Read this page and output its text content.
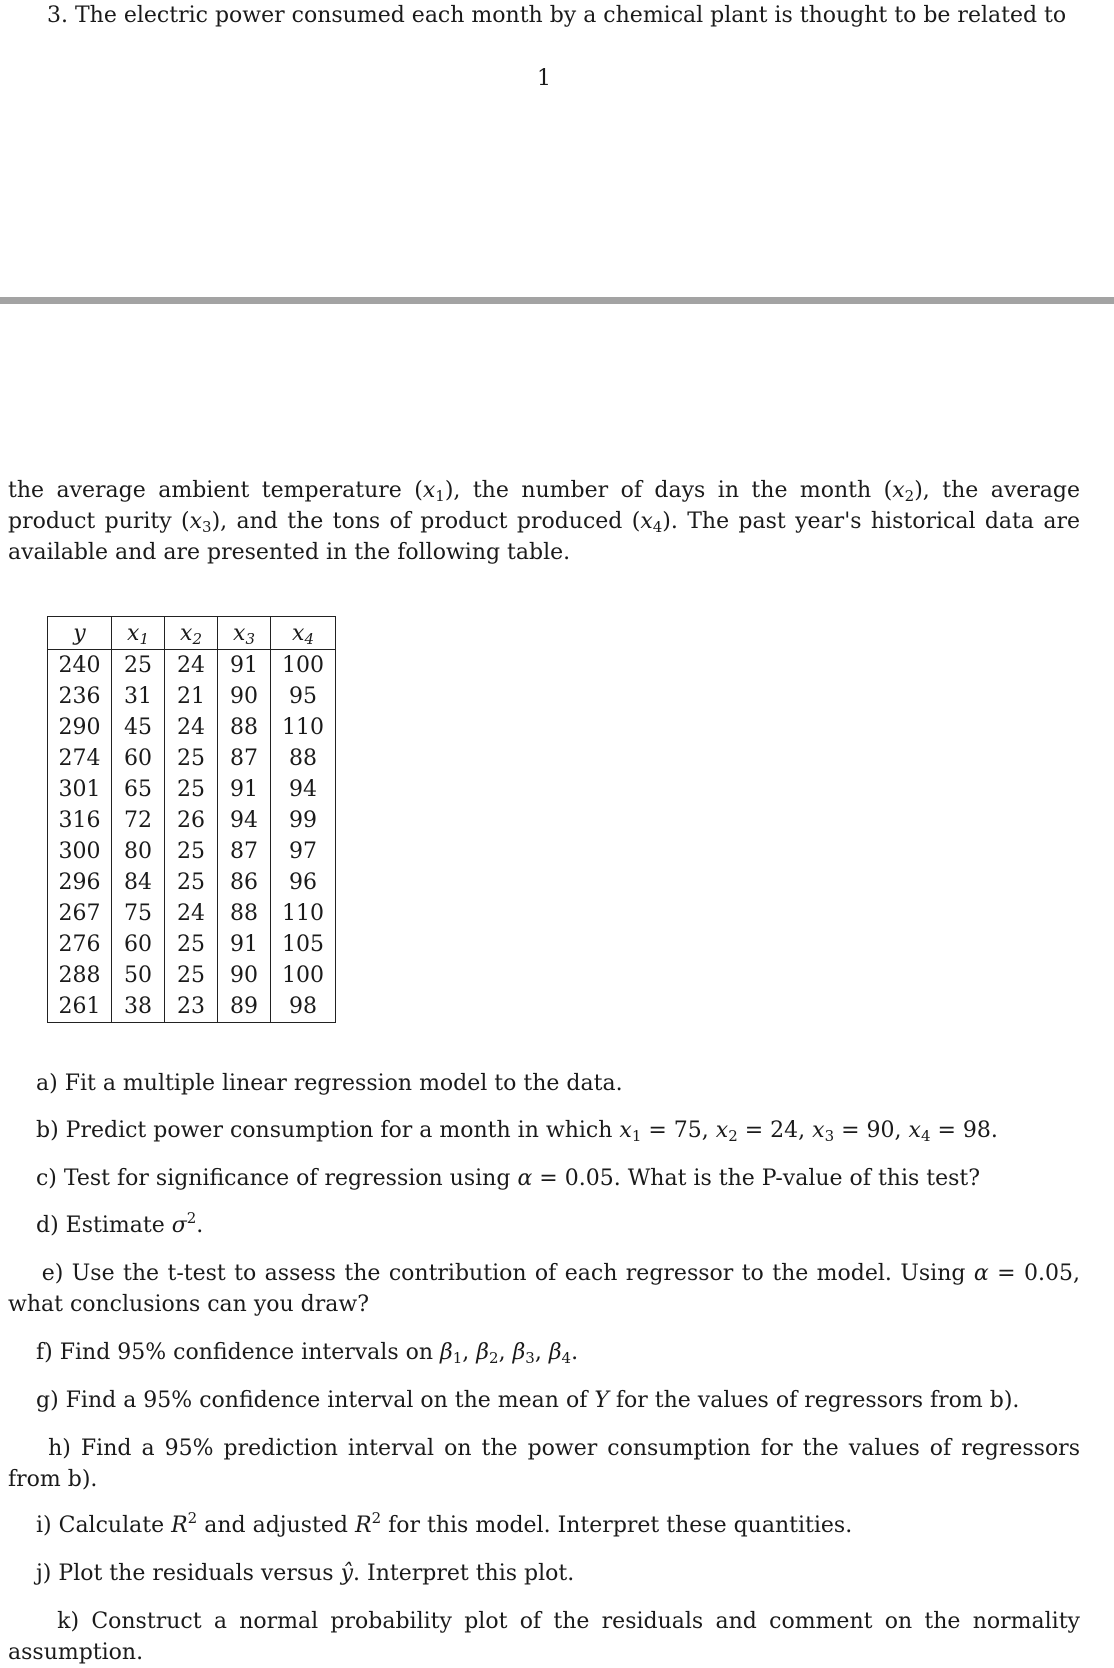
3. The electric power consumed each month by a chemical plant is thought to be related to
1
the average ambient temperature $(x_1)$, the number of days in the month $(x_2)$, the average product purity $(x_3)$, and the tons of product produced $(x_4)$. The past year's historical data are available and are presented in the following table.
y	$x_1$	$x_2$	$x_3$	$x_4$
240	25	24	91	100
236	31	21	90	95
290	45	24	88	110
274	60	25	87	88
301	65	25	91	94
316	72	26	94	99
300	80	25	87	97
296	84	25	86	96
267	75	24	88	110
276	60	25	91	105
288	50	25	90	100
261	38	23	89	98
a) Fit a multiple linear regression model to the data.
b) Predict power consumption for a month in which $x_1 = 75$, $x_2 = 24$, $x_3 = 90$, $x_4 = 98$.
c) Test for significance of regression using α = 0.05. What is the P-value of this test?
d) Estimate $\sigma^2$.
e) Use the t-test to assess the contribution of each regressor to the model. Using α = 0.05, what conclusions can you draw?
f) Find 95% confidence intervals on $\beta_1$, $\beta_2$, $\beta_3$, $\beta_4$.
g) Find a 95% confidence interval on the mean of Y for the values of regressors from b).
h) Find a 95% prediction interval on the power consumption for the values of regressors from b).
i) Calculate $R^2$ and adjusted $R^2$ for this model. Interpret these quantities.
j) Plot the residuals versus ŷ. Interpret this plot.
k) Construct a normal probability plot of the residuals and comment on the normality assumption.
